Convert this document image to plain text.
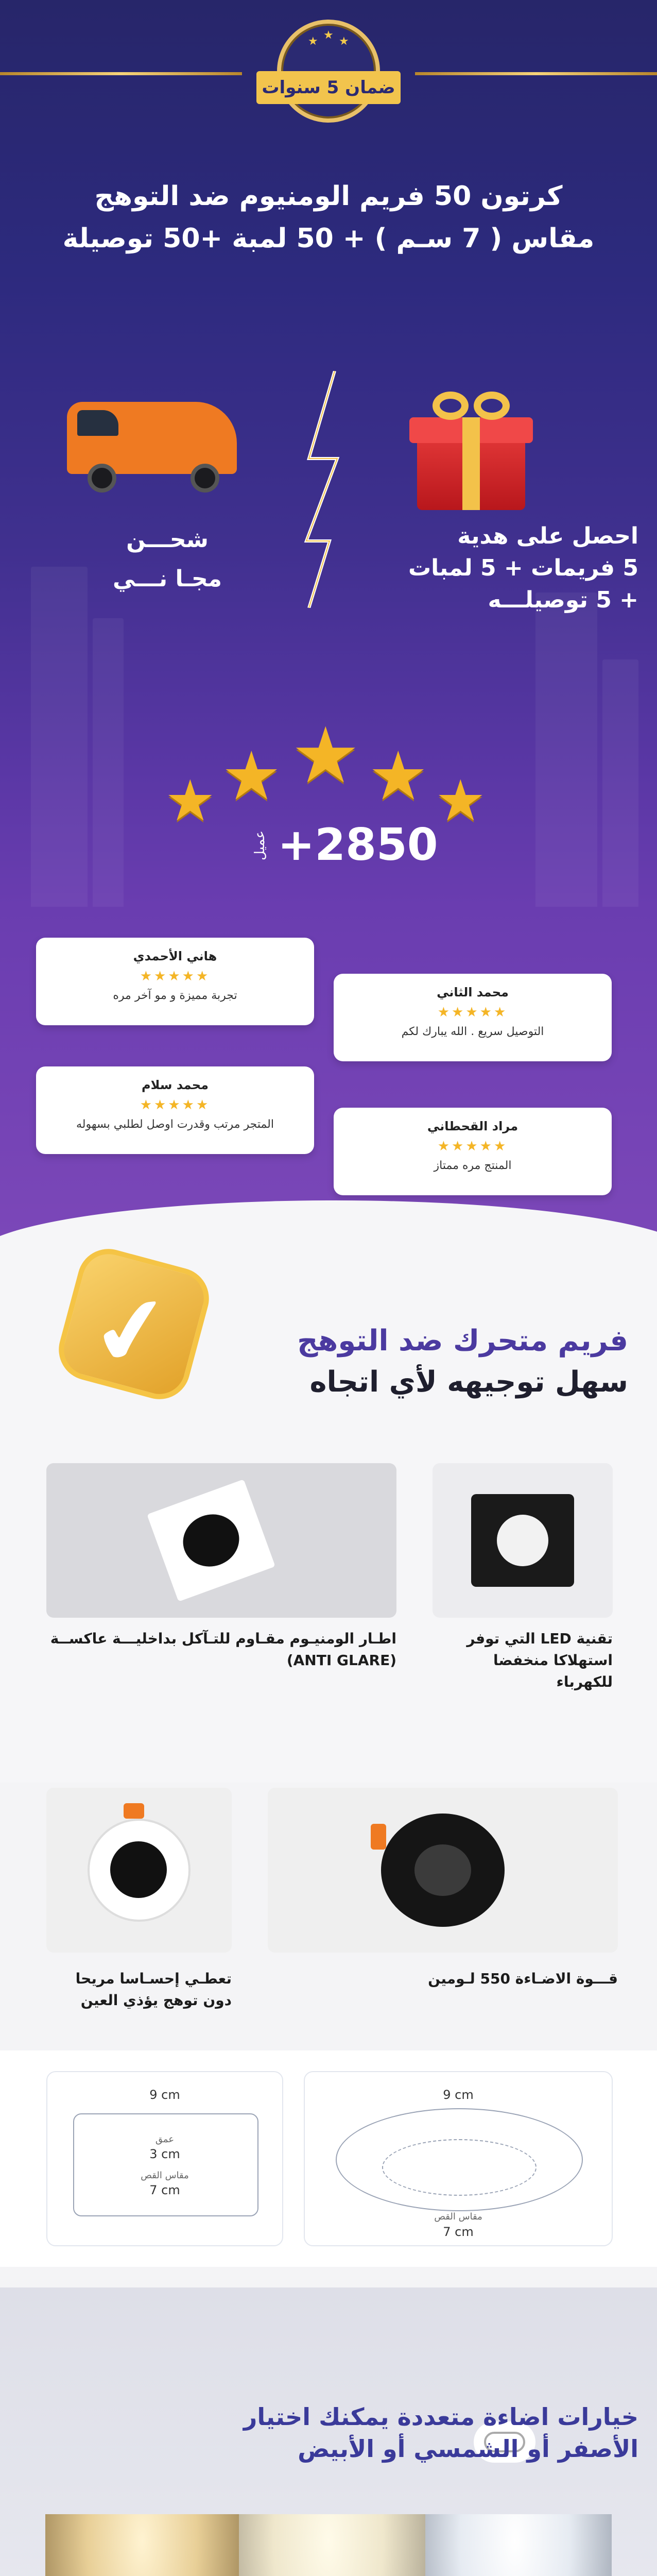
★ ★ ★
ضمان 5 سنوات
كرتون 50 فريم الومنيوم ضد التوهج
مقاس ( 7 سـم ) + 50 لمبة +50 توصيلة
شحـــن
مجـا نـــي
احصل على هدية
5 فريمات + 5 لمبات
+ 5 توصيلـــه
★ ★ ★ ★ ★
عميل +2850
هاني الأحمدي
★★★★★
تجربة مميزة و مو آخر مره	محمد الثاني
★★★★★
التوصيل سريع . الله يبارك لكم
محمد سلام
★★★★★
المتجر مرتب وقدرت اوصل لطلبي بسهوله	مراد القحطاني
★★★★★
المنتج مره ممتاز
✔	فريم متحرك ضد التوهج
سهل توجيهه لأي اتجاه
اطـار الومنيـوم مقـاوم للتـآكل بداخليـــة عاكســة (ANTI GLARE)
تقنية LED التي توفر استهلاكا منخفضا للكهرباء
قـــوة الاضـاءة 550 لـومين
تعطـي إحسـاسا مريحا دون توهج يؤذي العين
9 cm
مقاس القص
7 cm
9 cm
عمق
3 cm
مقاس القص
7 cm
خيارات اضاءة متعددة يمكنك اختيار
الأصفر أو الشمسي أو الأبيض
